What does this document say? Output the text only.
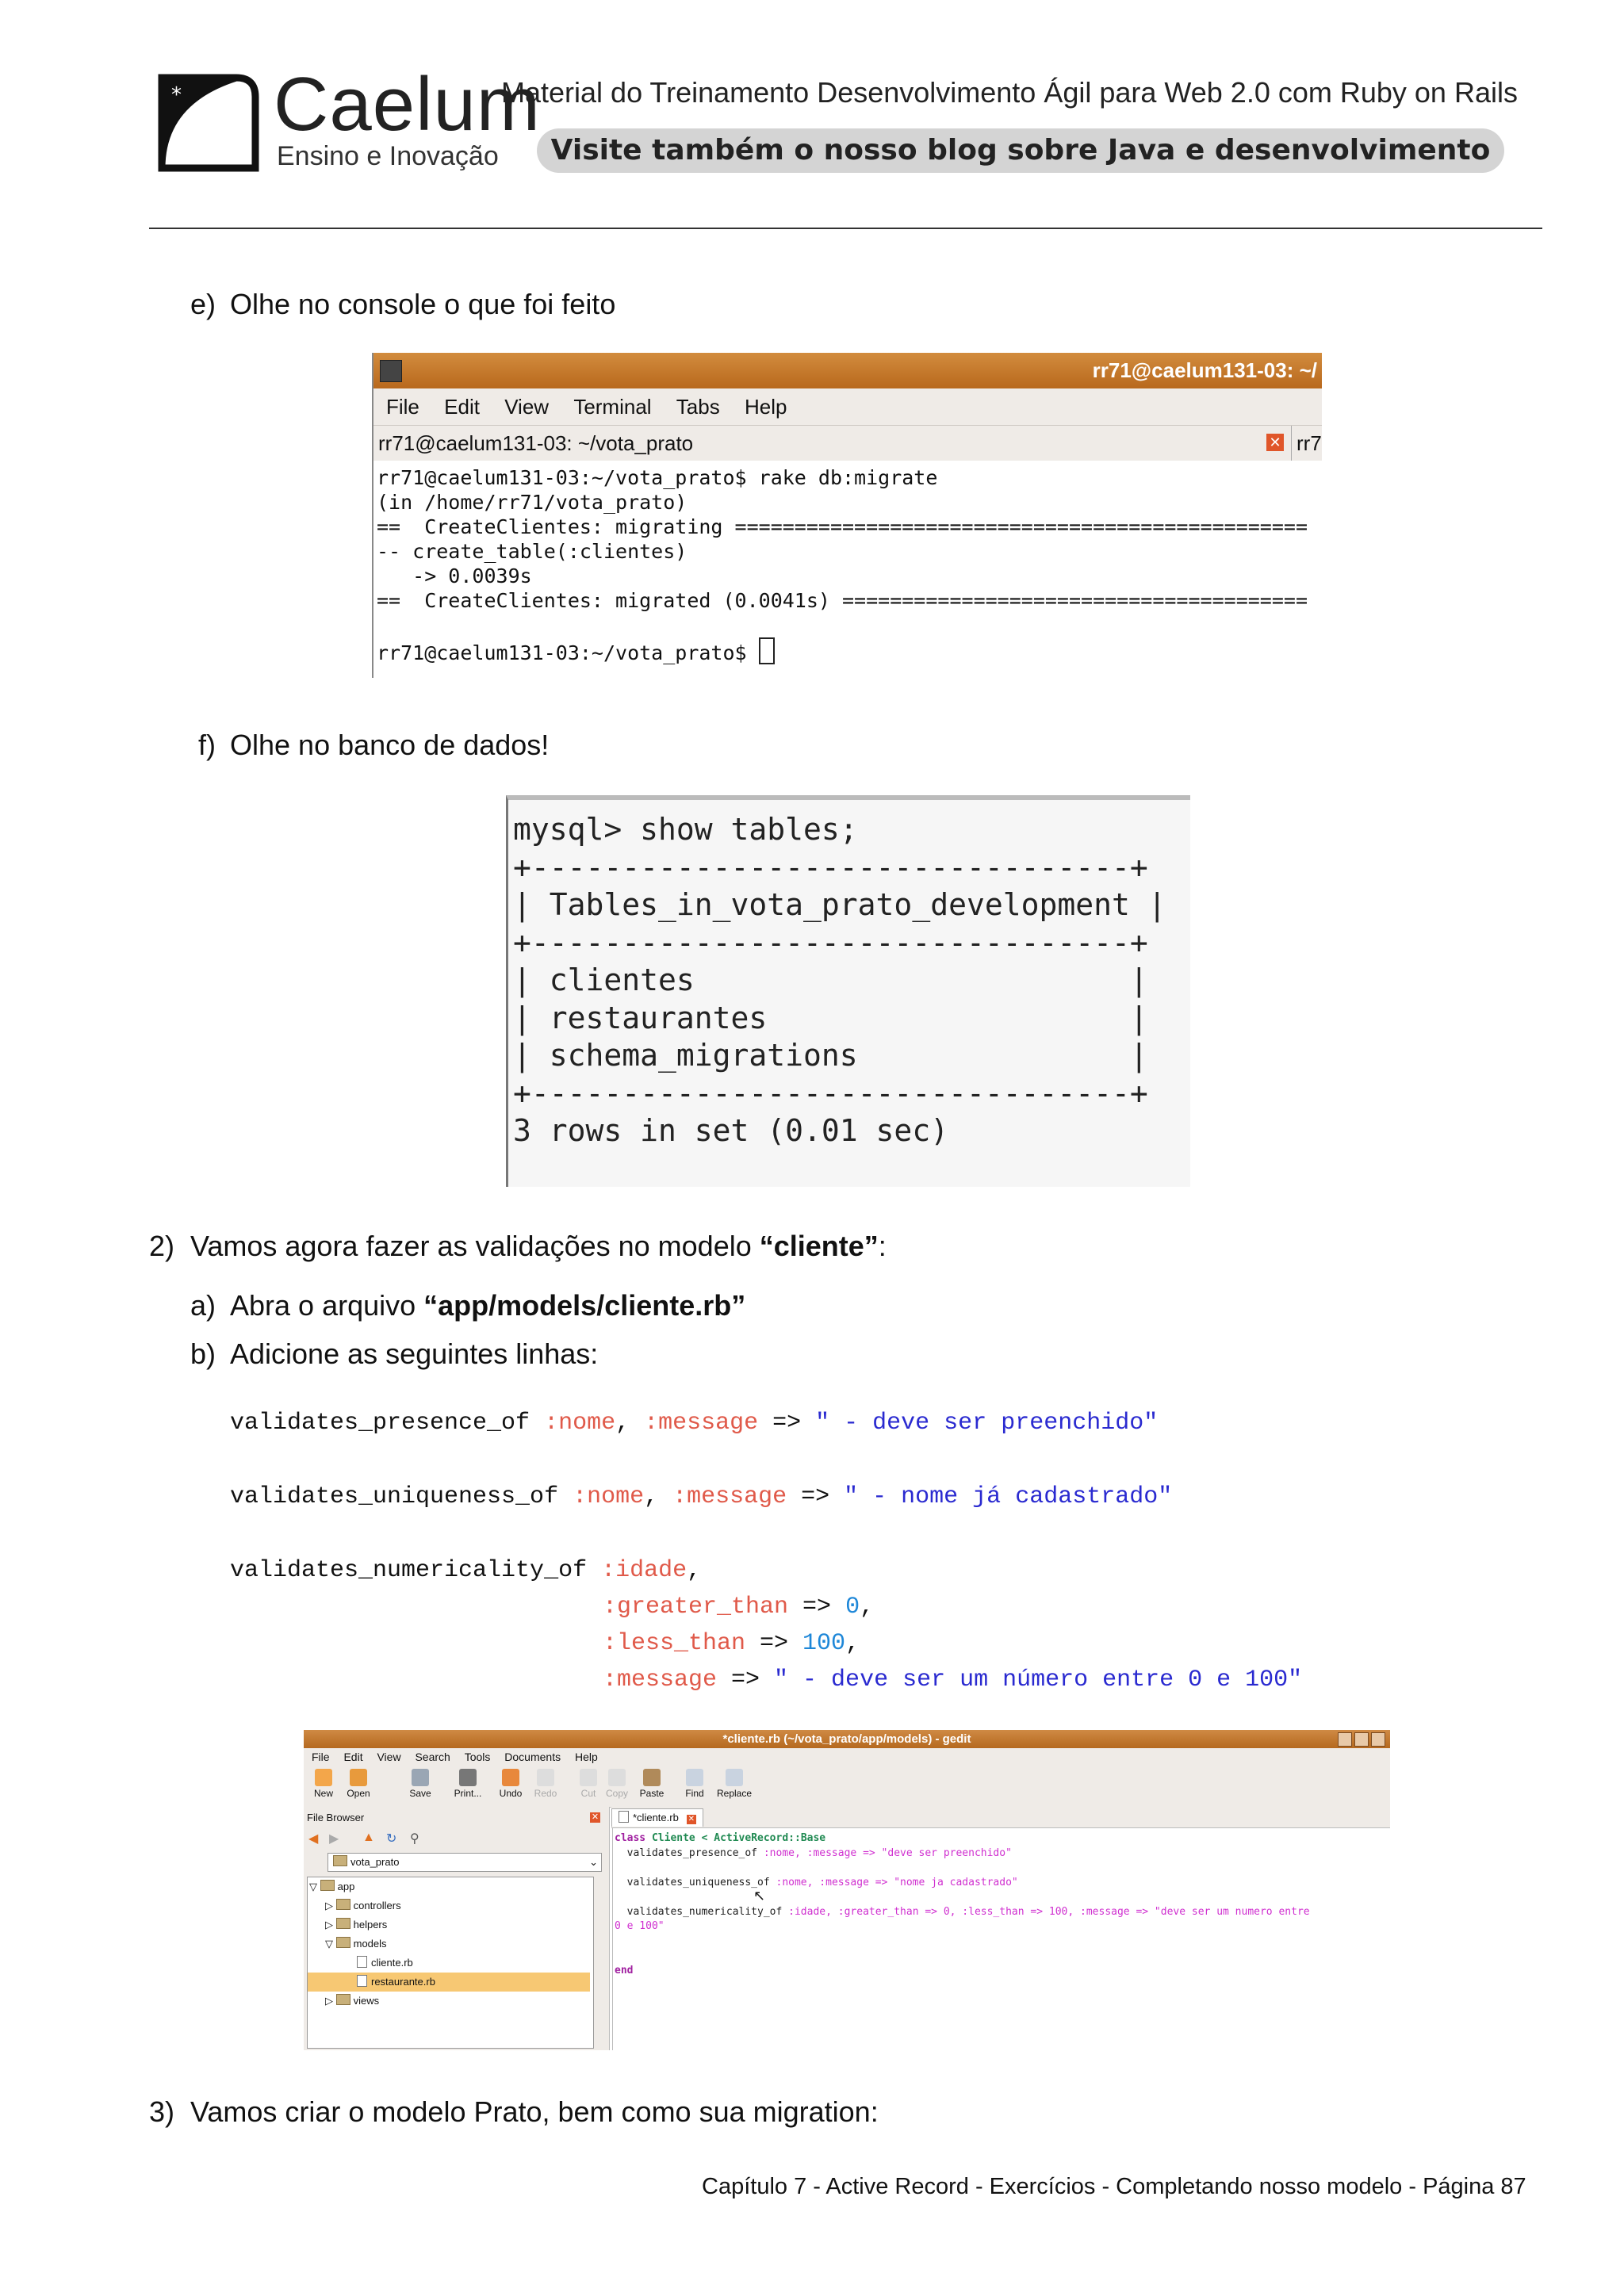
* Caelum
Ensino e Inovação
Material do Treinamento Desenvolvimento Ágil para Web 2.0 com Ruby on Rails
Visite também o nosso blog sobre Java e desenvolvimento
e) Olhe no console o que foi feito
rr71@caelum131-03: ~/
File Edit View Terminal Tabs Help
rr71@caelum131-03: ~/vota_prato	✕ rr7
rr71@caelum131-03:~/vota_prato$ rake db:migrate
(in /home/rr71/vota_prato)
==  CreateClientes: migrating ================================================
-- create_table(:clientes)
-> 0.0039s
==  CreateClientes: migrated (0.0041s) =======================================

rr71@caelum131-03:~/vota_prato$
f) Olhe no banco de dados!
mysql> show tables;
+---------------------------------+
| Tables_in_vota_prato_development |
+---------------------------------+
| clientes                        |
| restaurantes                    |
| schema_migrations               |
+---------------------------------+
3 rows in set (0.01 sec)
2) Vamos agora fazer as validações no modelo “cliente”:
a) Abra o arquivo “app/models/cliente.rb”
b) Adicione as seguintes linhas:
validates_presence_of :nome, :message => " - deve ser preenchido"
validates_uniqueness_of :nome, :message => " - nome já cadastrado"
validates_numericality_of :idade,
:greater_than => 0,
:less_than => 100,
:message => " - deve ser um número entre 0 e 100"
*cliente.rb (~/vota_prato/app/models) - gedit
File Edit View Search Tools Documents Help
New	Open	Save	Print...	Undo	Redo	Cut	Copy	Paste	Find	Replace
File Browser	✕
◀ ▶ ▲ ↻ ⚲
vota_prato	⌄
▽ app
▷ controllers
▷ helpers
▽ models
cliente.rb
restaurante.rb
▷ views
*cliente.rb ✕
class Cliente < ActiveRecord::Base
validates_presence_of :nome, :message => "deve ser preenchido"

validates_uniqueness_of :nome, :message => "nome ja cadastrado"

validates_numericality_of :idade, :greater_than => 0, :less_than => 100, :message => "deve ser um numero entre
0 e 100"

end
↖
3) Vamos criar o modelo Prato, bem como sua migration:
Capítulo 7 - Active Record - Exercícios - Completando nosso modelo - Página 87
